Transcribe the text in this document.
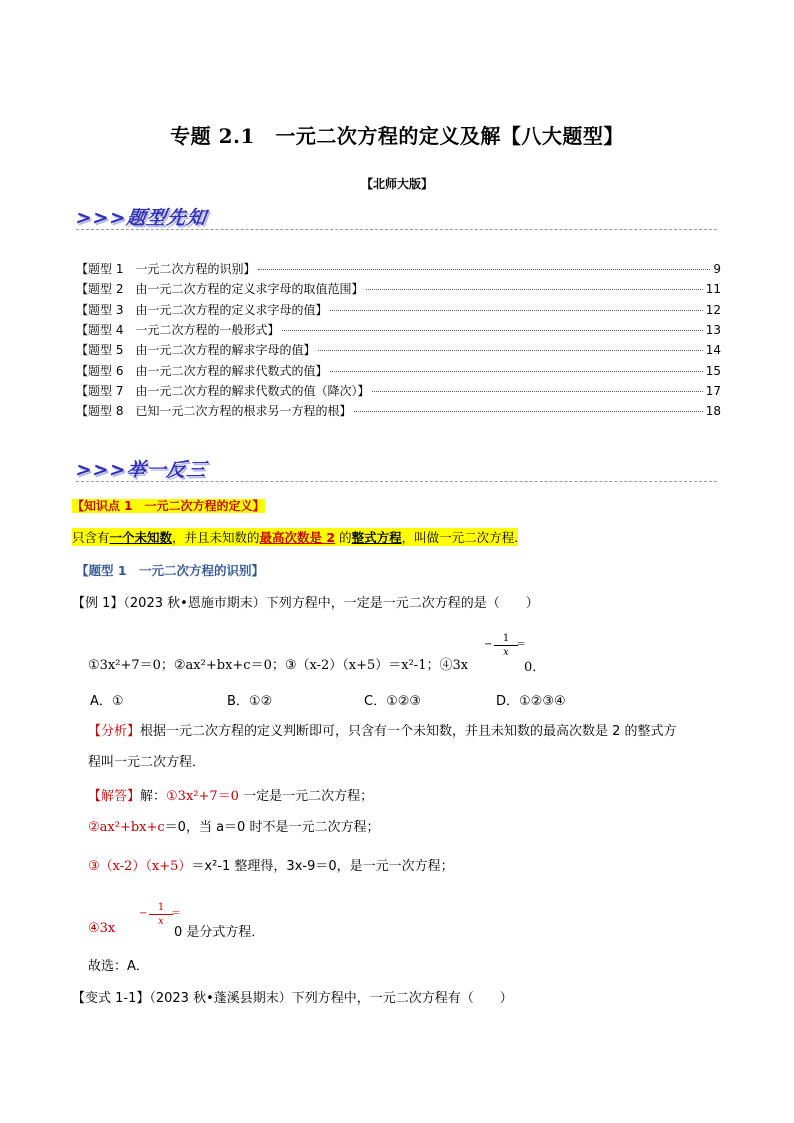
专题 2.1　一元二次方程的定义及解【八大题型】
【北师大版】
>>>题型先知
【题型 1　一元二次方程的识别】	9
【题型 2　由一元二次方程的定义求字母的取值范围】	11
【题型 3　由一元二次方程的定义求字母的值】	12
【题型 4　一元二次方程的一般形式】	13
【题型 5　由一元二次方程的解求字母的值】	14
【题型 6　由一元二次方程的解求代数式的值】	15
【题型 7　由一元二次方程的解求代数式的值（降次）】	17
【题型 8　已知一元二次方程的根求另一方程的根】	18
>>>举一反三
【知识点 1　一元二次方程的定义】
只含有一个未知数，并且未知数的最高次数是 2 的整式方程，叫做一元二次方程.
【题型 1　一元二次方程的识别】
【例 1】（2023 秋•恩施市期末）下列方程中，一定是一元二次方程的是（　　）
①3x²+7＝0；②ax²+bx+c＝0；③（x-2）（x+5）＝x²-1；④3x
−
1
x
＝
0．
A．①	B．①②	C．①②③	D．①②③④
【分析】根据一元二次方程的定义判断即可，只含有一个未知数，并且未知数的最高次数是 2 的整式方
程叫一元二次方程．
【解答】解：①3x²+7＝0 一定是一元二次方程；
②ax²+bx+c＝0，当 a＝0 时不是一元二次方程；
③（x-2）（x+5）＝x²-1 整理得，3x-9＝0，是一元一次方程；
−
1
x
＝
④3x	0 是分式方程．
故选：A．
【变式 1-1】（2023 秋•蓬溪县期末）下列方程中，一元二次方程有（　　）
